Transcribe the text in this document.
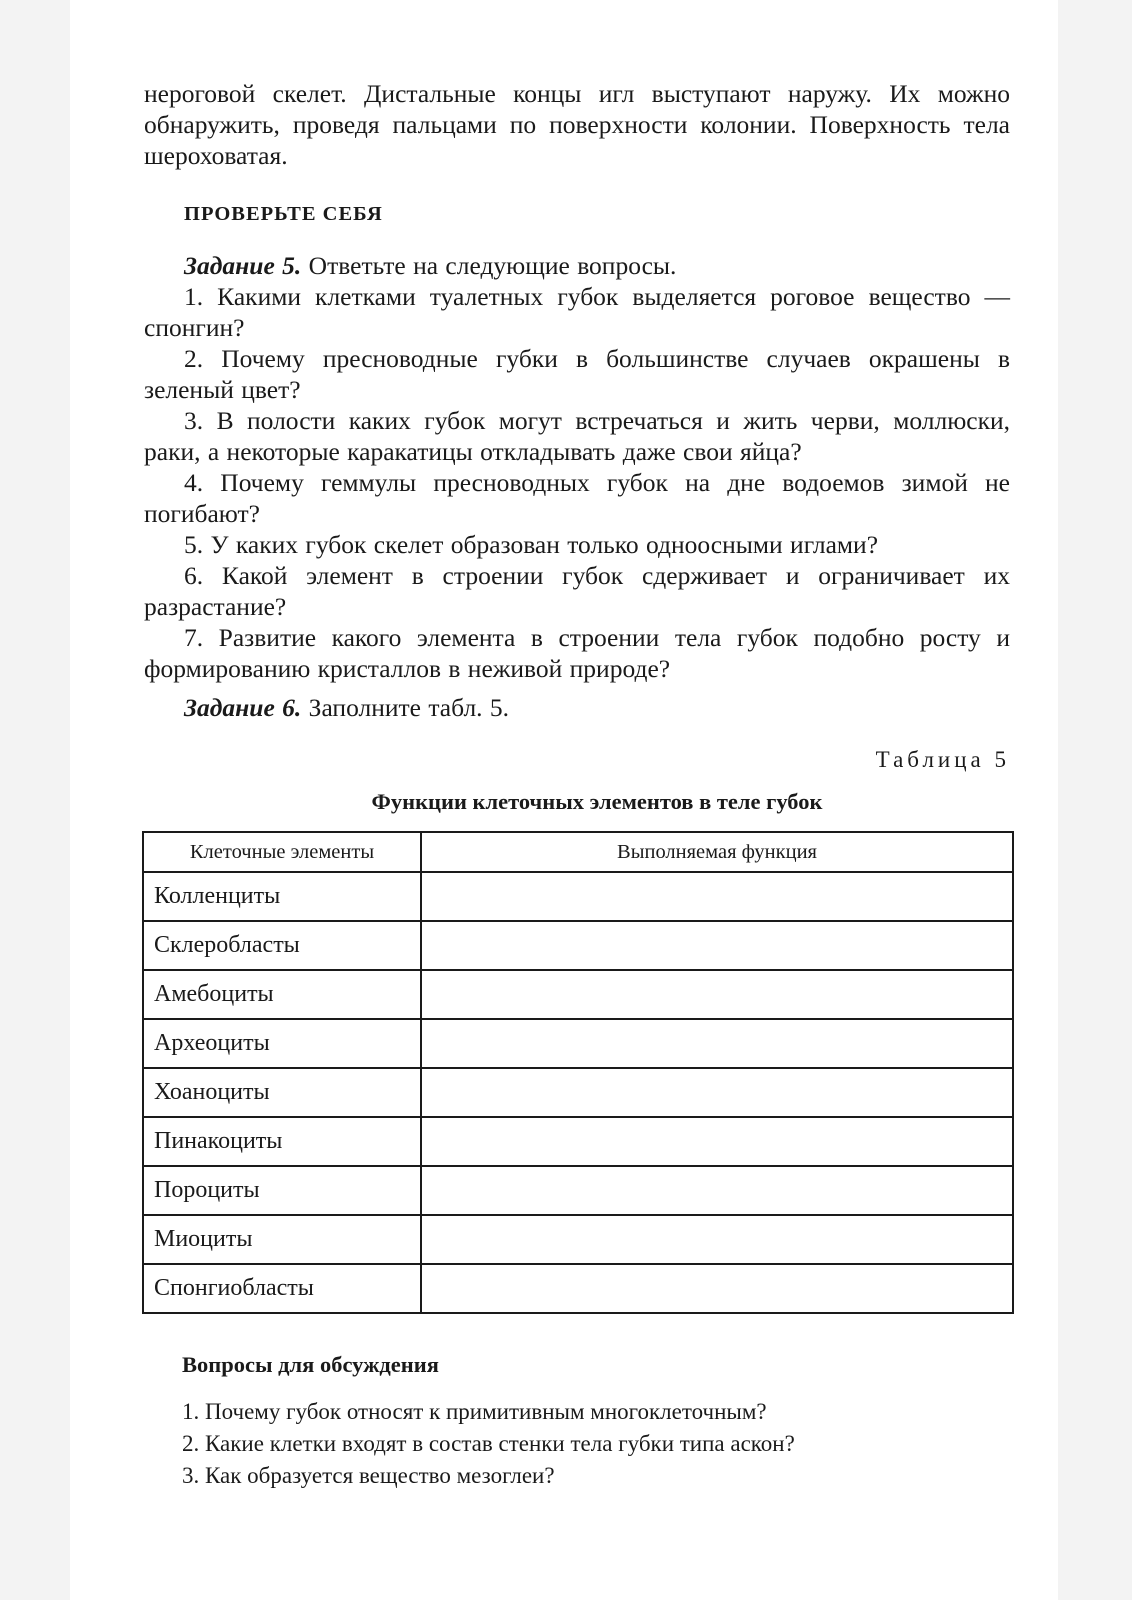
нероговой скелет. Дистальные концы игл выступают наружу. Их можно обнаружить, проведя пальцами по поверхности колонии. Поверхность тела шероховатая.

ПРОВЕРЬТЕ СЕБЯ

Задание 5. Ответьте на следующие вопросы.

1. Какими клетками туалетных губок выделяется роговое вещество — спонгин?

2. Почему пресноводные губки в большинстве случаев окрашены в зеленый цвет?

3. В полости каких губок могут встречаться и жить черви, моллюски, раки, а некоторые каракатицы откладывать даже свои яйца?

4. Почему геммулы пресноводных губок на дне водоемов зимой не погибают?

5. У каких губок скелет образован только одноосными иглами?

6. Какой элемент в строении губок сдерживает и ограничивает их разрастание?

7. Развитие какого элемента в строении тела губок подобно росту и формированию кристаллов в неживой природе?

Задание 6. Заполните табл. 5.

Таблица 5
Функции клеточных элементов в теле губок
Клеточные элементы	Выполняемая функция
Колленциты	
Склеробласты	
Амебоциты	
Археоциты	
Хоаноциты	
Пинакоциты	
Пороциты	
Миоциты	
Спонгиобласты	
Вопросы для обсуждения
1. Почему губок относят к примитивным многоклеточным?
2. Какие клетки входят в состав стенки тела губки типа аскон?
3. Как образуется вещество мезоглеи?
